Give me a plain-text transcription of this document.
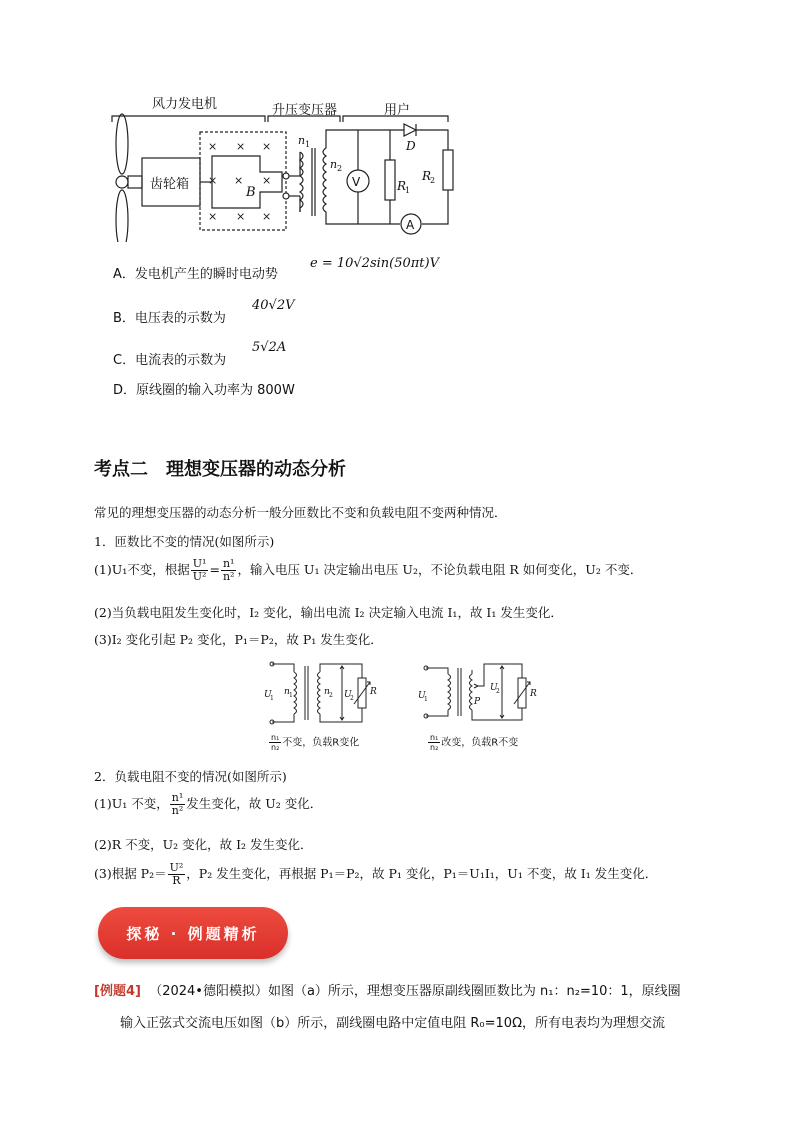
风力发电机	升压变压器	用户
齿轮箱
× × ×
× × ×
× × ×
B
n 1
n 2
V	R
1
D
R
2
A
A．发电机产生的瞬时电动势
e = 10√2sin(50πt)V
B．电压表的示数为
40√2V
C．电流表的示数为
5√2A
D．原线圈的输入功率为 800W
考点二　理想变压器的动态分析
常见的理想变压器的动态分析一般分匝数比不变和负载电阻不变两种情况．
1．匝数比不变的情况(如图所示)
(1)U₁不变，根据 $\frac{\text{U¹}}{\text{U²}} = \frac{\text{n¹}}{\text{n²}}$ ，输入电压 U₁ 决定输出电压 U₂，不论负载电阻 R 如何变化，U₂ 不变．
(2)当负载电阻发生变化时，I₂ 变化，输出电流 I₂ 决定输入电流 I₁，故 I₁ 发生变化．
(3)I₂ 变化引起 P₂ 变化，P₁＝P₂，故 P₁ 发生变化．
U
1
n 1	n 2 U
2
R	U
1	P
U
2	R
$\frac{\text{n₁}}{\text{n₂}}$ 不变，负载R变化	$\frac{\text{n₁}}{\text{n₂}}$ 改变，负载R不变
2．负载电阻不变的情况(如图所示)
(1)U₁ 不变， $\frac{\text{n¹}}{\text{n²}}$ 发生变化，故 U₂ 变化．
(2)R 不变，U₂ 变化，故 I₂ 发生变化．
(3)根据 $P_2= \frac{\text{U²}}{R}$ ，P₂ 发生变化，再根据 P₁＝P₂，故 P₁ 变化，P₁＝U₁I₁，U₁ 不变，故 I₁ 发生变化．
探秘 · 例题精析
[例题4] （2024•德阳模拟）如图（a）所示，理想变压器原副线圈匝数比为 n₁：n₂=10：1，原线圈
输入正弦式交流电压如图（b）所示，副线圈电路中定值电阻 R₀=10Ω，所有电表均为理想交流
